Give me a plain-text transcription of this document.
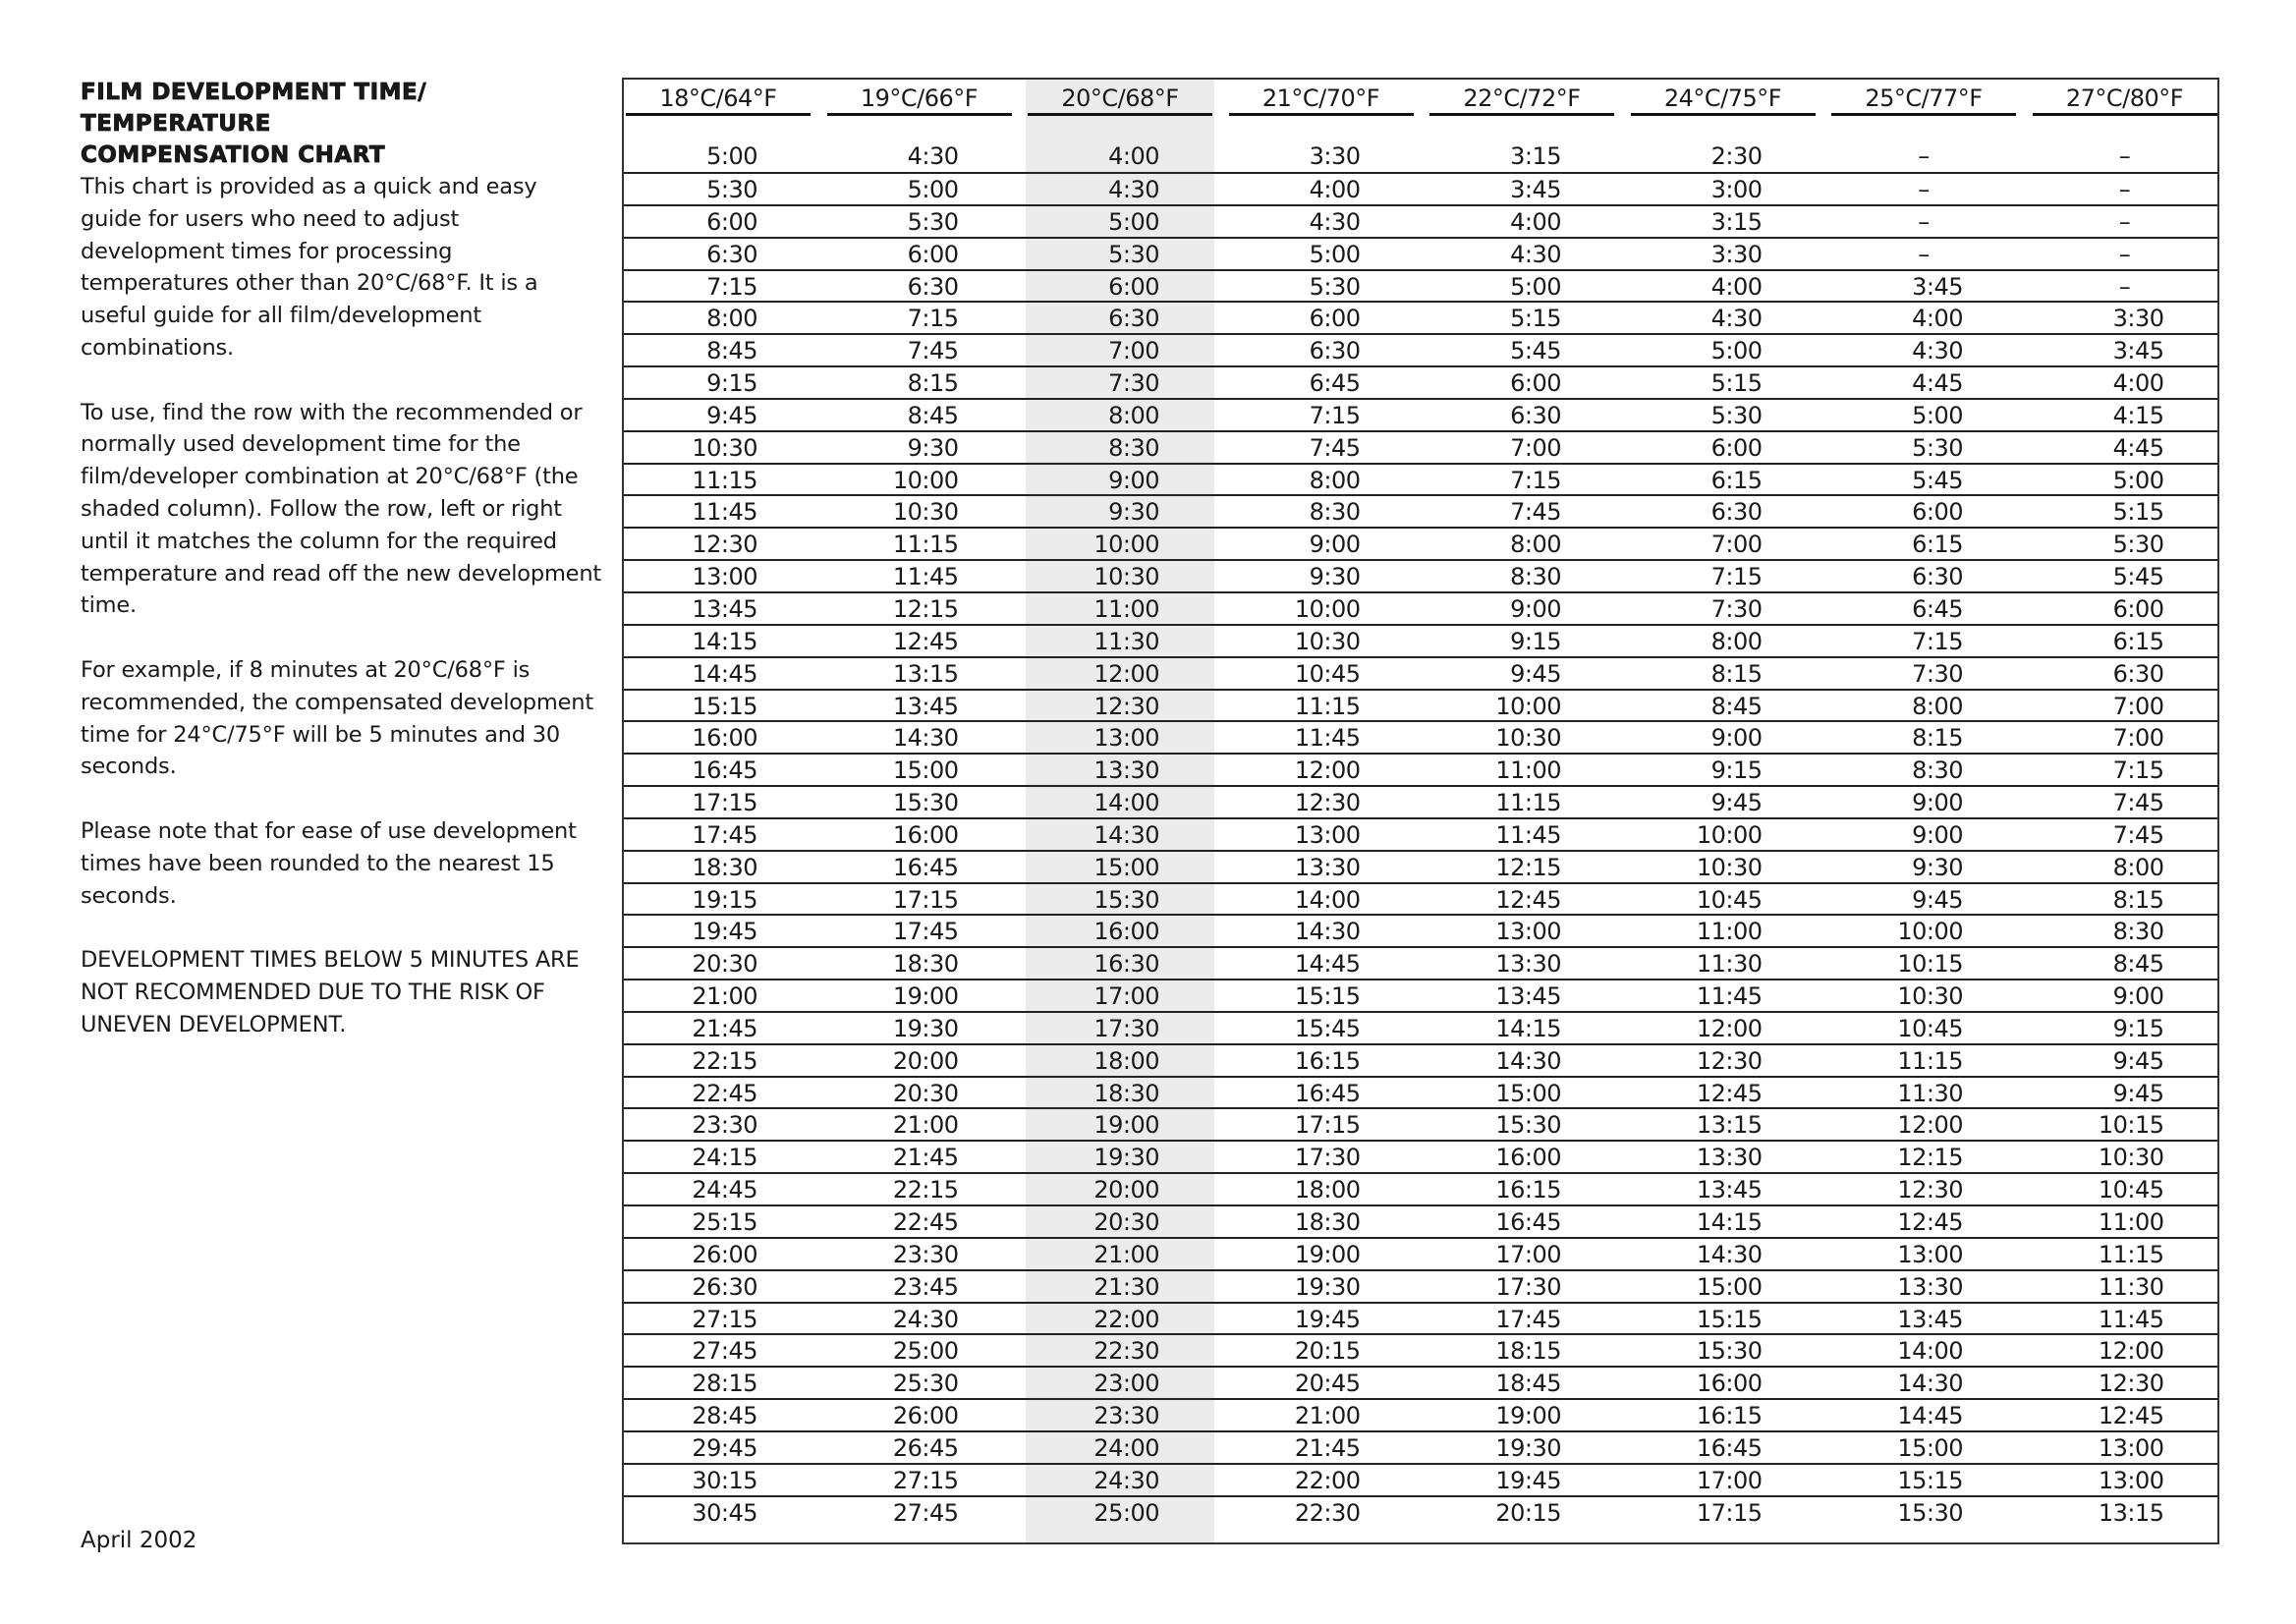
FILM DEVELOPMENT TIME/
TEMPERATURE
COMPENSATION CHART

This chart is provided as a quick and easy guide for users who need to adjust development times for processing temperatures other than 20°C/68°F. It is a useful guide for all film/development combinations.

To use, find the row with the recommended or normally used development time for the film/developer combination at 20°C/68°F (the shaded column). Follow the row, left or right until it matches the column for the required temperature and read off the new development time.

For example, if 8 minutes at 20°C/68°F is recommended, the compensated development time for 24°C/75°F will be 5 minutes and 30 seconds.

Please note that for ease of use development times have been rounded to the nearest 15 seconds.

DEVELOPMENT TIMES BELOW 5 MINUTES ARE NOT RECOMMENDED DUE TO THE RISK OF UNEVEN DEVELOPMENT.

April 2002
18°C/64°F	19°C/66°F	20°C/68°F	21°C/70°F	22°C/72°F	24°C/75°F	25°C/77°F	27°C/80°F
5:00	4:30	4:00	3:30	3:15	2:30	–	–
5:30	5:00	4:30	4:00	3:45	3:00	–	–
6:00	5:30	5:00	4:30	4:00	3:15	–	–
6:30	6:00	5:30	5:00	4:30	3:30	–	–
7:15	6:30	6:00	5:30	5:00	4:00	3:45	–
8:00	7:15	6:30	6:00	5:15	4:30	4:00	3:30
8:45	7:45	7:00	6:30	5:45	5:00	4:30	3:45
9:15	8:15	7:30	6:45	6:00	5:15	4:45	4:00
9:45	8:45	8:00	7:15	6:30	5:30	5:00	4:15
10:30	9:30	8:30	7:45	7:00	6:00	5:30	4:45
11:15	10:00	9:00	8:00	7:15	6:15	5:45	5:00
11:45	10:30	9:30	8:30	7:45	6:30	6:00	5:15
12:30	11:15	10:00	9:00	8:00	7:00	6:15	5:30
13:00	11:45	10:30	9:30	8:30	7:15	6:30	5:45
13:45	12:15	11:00	10:00	9:00	7:30	6:45	6:00
14:15	12:45	11:30	10:30	9:15	8:00	7:15	6:15
14:45	13:15	12:00	10:45	9:45	8:15	7:30	6:30
15:15	13:45	12:30	11:15	10:00	8:45	8:00	7:00
16:00	14:30	13:00	11:45	10:30	9:00	8:15	7:00
16:45	15:00	13:30	12:00	11:00	9:15	8:30	7:15
17:15	15:30	14:00	12:30	11:15	9:45	9:00	7:45
17:45	16:00	14:30	13:00	11:45	10:00	9:00	7:45
18:30	16:45	15:00	13:30	12:15	10:30	9:30	8:00
19:15	17:15	15:30	14:00	12:45	10:45	9:45	8:15
19:45	17:45	16:00	14:30	13:00	11:00	10:00	8:30
20:30	18:30	16:30	14:45	13:30	11:30	10:15	8:45
21:00	19:00	17:00	15:15	13:45	11:45	10:30	9:00
21:45	19:30	17:30	15:45	14:15	12:00	10:45	9:15
22:15	20:00	18:00	16:15	14:30	12:30	11:15	9:45
22:45	20:30	18:30	16:45	15:00	12:45	11:30	9:45
23:30	21:00	19:00	17:15	15:30	13:15	12:00	10:15
24:15	21:45	19:30	17:30	16:00	13:30	12:15	10:30
24:45	22:15	20:00	18:00	16:15	13:45	12:30	10:45
25:15	22:45	20:30	18:30	16:45	14:15	12:45	11:00
26:00	23:30	21:00	19:00	17:00	14:30	13:00	11:15
26:30	23:45	21:30	19:30	17:30	15:00	13:30	11:30
27:15	24:30	22:00	19:45	17:45	15:15	13:45	11:45
27:45	25:00	22:30	20:15	18:15	15:30	14:00	12:00
28:15	25:30	23:00	20:45	18:45	16:00	14:30	12:30
28:45	26:00	23:30	21:00	19:00	16:15	14:45	12:45
29:45	26:45	24:00	21:45	19:30	16:45	15:00	13:00
30:15	27:15	24:30	22:00	19:45	17:00	15:15	13:00
30:45	27:45	25:00	22:30	20:15	17:15	15:30	13:15
